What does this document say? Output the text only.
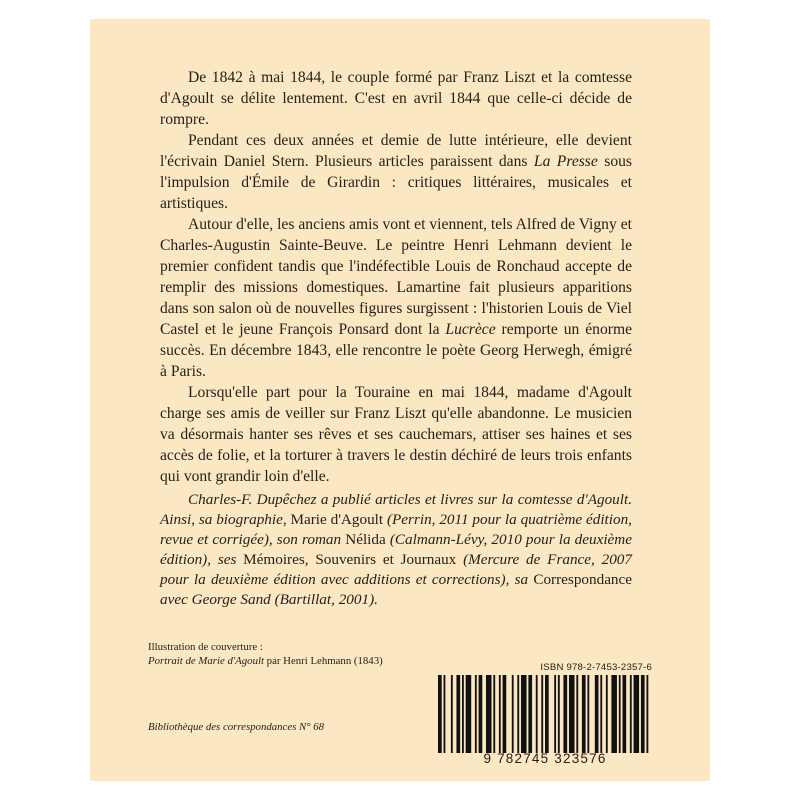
De 1842 à mai 1844, le couple formé par Franz Liszt et la comtesse d'Agoult se délite lentement. C'est en avril 1844 que celle-ci décide de rompre.

Pendant ces deux années et demie de lutte intérieure, elle devient l'écrivain Daniel Stern. Plusieurs articles paraissent dans La Presse sous l'impulsion d'Émile de Girardin : critiques littéraires, musicales et artistiques.

Autour d'elle, les anciens amis vont et viennent, tels Alfred de Vigny et Charles-Augustin Sainte-Beuve. Le peintre Henri Lehmann devient le premier confident tandis que l'indéfectible Louis de Ronchaud accepte de remplir des missions domestiques. Lamartine fait plusieurs apparitions dans son salon où de nouvelles figures surgissent : l'historien Louis de Viel Castel et le jeune François Ponsard dont la Lucrèce remporte un énorme succès. En décembre 1843, elle rencontre le poète Georg Herwegh, émigré à Paris.

Lorsqu'elle part pour la Touraine en mai 1844, madame d'Agoult charge ses amis de veiller sur Franz Liszt qu'elle abandonne. Le musicien va désormais hanter ses rêves et ses cauchemars, attiser ses haines et ses accès de folie, et la torturer à travers le destin déchiré de leurs trois enfants qui vont grandir loin d'elle.

Charles-F. Dupêchez a publié articles et livres sur la comtesse d'Agoult. Ainsi, sa biographie, Marie d'Agoult (Perrin, 2011 pour la quatrième édition, revue et corrigée), son roman Nélida (Calmann-Lévy, 2010 pour la deuxième édition), ses Mémoires, Souvenirs et Journaux (Mercure de France, 2007 pour la deuxième édition avec additions et corrections), sa Correspondance avec George Sand (Bartillat, 2001).

Illustration de couverture :
Portrait de Marie d'Agoult par Henri Lehmann (1843)
Bibliothèque des correspondances N° 68
ISBN 978-2-7453-2357-6
9 782745 323576
